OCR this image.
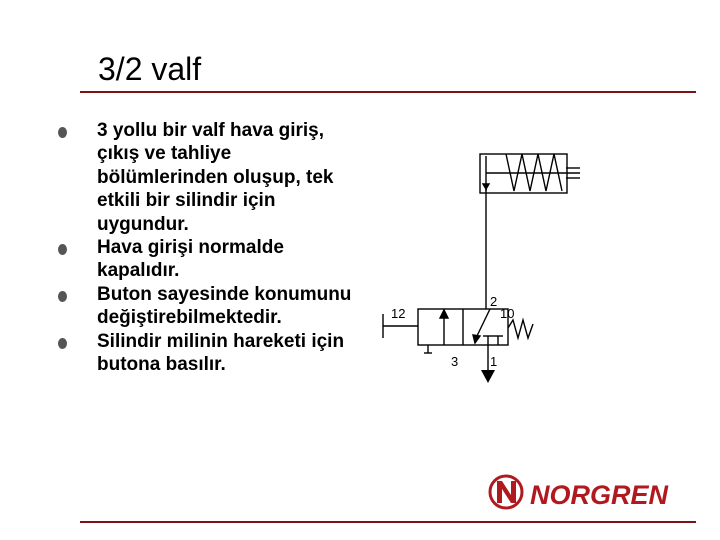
3/2 valf
3 yollu bir valf hava giriş, çıkış ve tahliye bölümlerinden oluşup, tek etkili bir silindir için uygundur.
Hava girişi normalde kapalıdır.
Buton sayesinde konumunu değiştirebilmektedir.
Silindir milinin hareketi için butona basılır.
12
2
10
3 1
NORGREN
